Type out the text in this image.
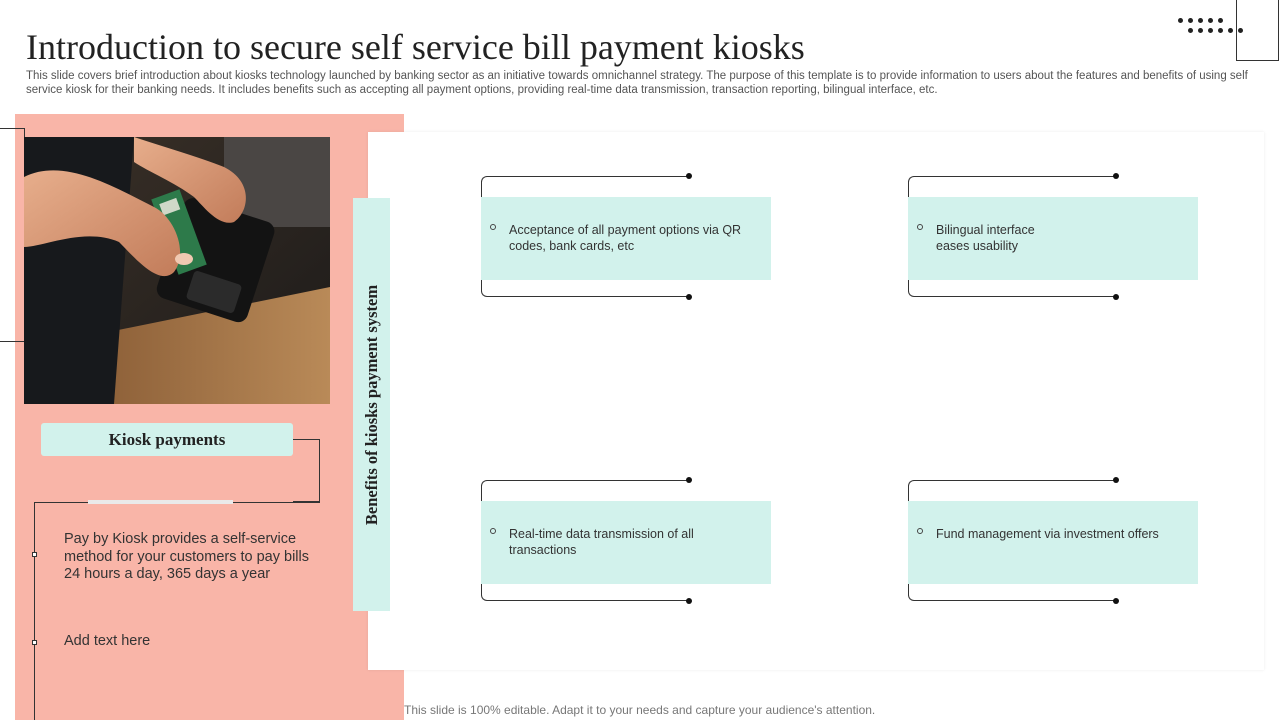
Introduction to secure self service bill payment kiosks
This slide covers brief introduction about kiosks technology launched by banking sector as an initiative towards omnichannel strategy. The purpose of this template is to provide information to users about the features and benefits of using self service kiosk for their banking needs. It includes benefits such as accepting all payment options, providing real-time data transmission, transaction reporting, bilingual interface, etc.
Kiosk payments
Pay by Kiosk provides a self-service method for your customers to pay bills 24 hours a day, 365 days a year
Add text here
Benefits of kiosks payment system
Acceptance of all payment options via QR codes, bank cards, etc
Bilingual interface eases usability
Real-time data transmission of all transactions
Fund management via investment offers
This slide is 100% editable. Adapt it to your needs and capture your audience's attention.
